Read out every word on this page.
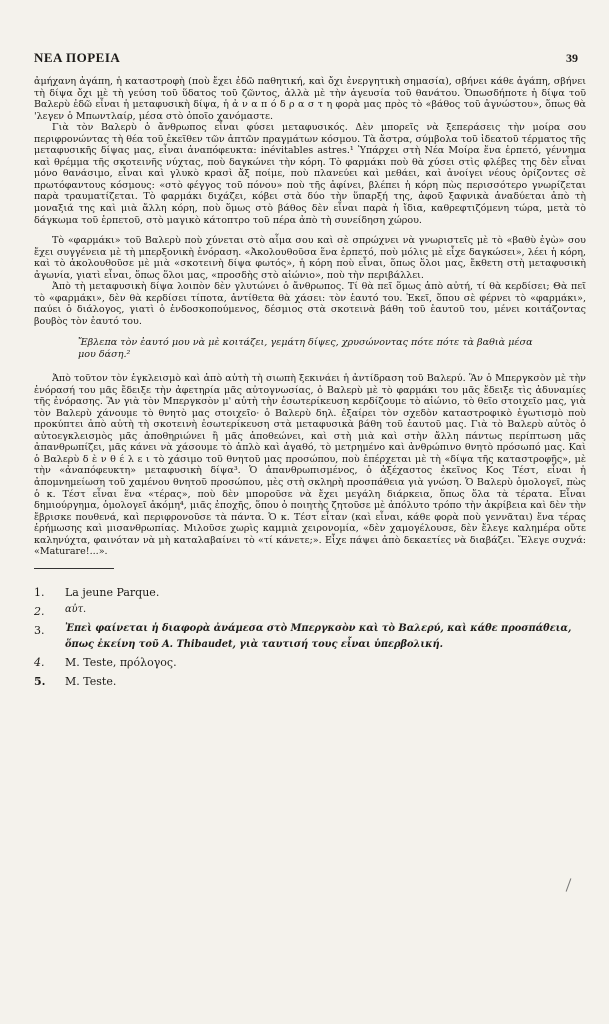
ΝΕΑ ΠΟΡΕΙΑ	39

ἀμήχανη ἀγάπη, ἡ καταστροφὴ (ποὺ ἔχει ἐδῶ παθητική, καὶ ὄχι ἐνεργητικὴ σημασία), σβήνει κάθε ἀγάπη, σβήνει τὴ δίψα ὄχι μὲ τὴ γεύση τοῦ ὕδατος τοῦ ζῶντος, ἀλλὰ μὲ τὴν ἀγευσία τοῦ θανάτου. Ὁπωσδήποτε ἡ δίψα τοῦ Βαλερὺ ἐδῶ εἶναι ἡ μεταφυσικὴ δίψα, ἡ ἀ ν α π ό δ ρ α σ τ η φορὰ μας πρὸς τὸ «βάθος τοῦ ἀγνώστου», ὅπως θὰ 'λεγεν ὁ Μπωντλαίρ, μέσα στὸ ὁποῖο χανόμαστε.

Γιὰ τὸν Βαλερὺ ὁ ἄνθρωπος εἶναι φύσει μεταφυσικός. Δὲν μπορεῖς νὰ ξεπεράσεις τὴν μοίρα σου περιφρονώντας τὴ θέα τοῦ ἐκεῖθεν τῶν ἀπτῶν πραγμάτων κόσμου. Τὰ ἄστρα, σύμβολα τοῦ ἰδεατοῦ τέρματος τῆς μεταφυσικῆς δίψας μας, εἶναι ἀναπόφευκτα: inévitables astres.¹ Ὑπάρχει στὴ Νέα Μοίρα ἕνα ἑρπετό, γέννημα καὶ θρέμμα τῆς σκοτεινῆς νύχτας, ποὺ δαγκώνει τὴν κόρη. Τὸ φαρμάκι ποὺ θὰ χύσει στὶς φλέβες της δὲν εἶναι μόνο θανάσιμο, εἶναι καὶ γλυκὸ κρασὶ ἄξ ποίμε, ποὺ πλανεύει καὶ μεθάει, καὶ ἀνοίγει νέους ὁρίζοντες σὲ πρωτόφαντους κόσμους: «στὸ φέγγος τοῦ πόνου» ποὺ τῆς ἀφίνει, βλέπει ἡ κόρη πὼς περισσότερο γνωρίζεται παρὰ τραυματίζεται. Τὸ φαρμάκι διχάζει, κόβει στὰ δύο τὴν ὕπαρξή της, ἀφοῦ ξαφνικὰ ἀναδύεται ἀπὸ τὴ μοναξιά της καὶ μιὰ ἄλλη κόρη, ποὺ ὅμως στὸ βάθος δὲν εἶναι παρὰ ἡ ἴδια, καθρεφτιζόμενη τώρα, μετὰ τὸ δάγκωμα τοῦ ἑρπετοῦ, στὸ μαγικὸ κάτοπτρο τοῦ πέρα ἀπὸ τὴ συνείδηση χώρου.

Τὸ «φαρμάκι» τοῦ Βαλερὺ ποὺ χύνεται στὸ αἷμα σου καὶ σὲ σπρώχνει νὰ γνωριστεῖς μὲ τὸ «βαθὺ ἐγὼ» σου ἔχει συγγένεια μὲ τὴ μπερξονικὴ ἐνόραση. «Ἀκολουθοῦσα ἕνα ἑρπετό, ποὺ μόλις μὲ εἶχε δαγκώσει», λέει ἡ κόρη, καὶ τὸ ἀκολουθοῦσε μὲ μιὰ «σκοτεινὴ δίψα φωτός», ἡ κόρη ποὺ εἶναι, ὅπως ὅλοι μας, ἔκθετη στὴ μεταφυσικὴ ἀγωνία, γιατὶ εἶναι, ὅπως ὅλοι μας, «προσδὴς στὸ αἰώνιο», ποὺ τὴν περιβάλλει.

Ἀπὸ τὴ μεταφυσικὴ δίψα λοιπὸν δὲν γλυτώνει ὁ ἄνθρωπος. Τί θὰ πεῖ ὅμως ἀπὸ αὐτή, τί θὰ κερδίσει; Θὰ πεῖ τὸ «φαρμάκι», δὲν θὰ κερδίσει τίποτα, ἀντίθετα θὰ χάσει: τὸν ἑαυτό του. Ἐκεῖ, ὅπου σὲ φέρνει τὸ «φαρμάκι», παύει ὁ διάλογος, γιατὶ ὁ ἐνδοσκοπούμενος, δέσμιος στὰ σκοτεινὰ βάθη τοῦ ἑαυτοῦ του, μένει κοιτάζοντας βουβὸς τὸν ἑαυτό του.

Ἔβλεπα τὸν ἑαυτό μου νὰ μὲ κοιτάζει, γεμάτη δίψες, χρυσώνοντας πότε πότε τὰ βαθιὰ μέσα μου δάση.²

Ἀπὸ τοῦτον τὸν ἐγκλεισμὸ καὶ ἀπὸ αὐτὴ τὴ σιωπὴ ξεκινάει ἡ ἀντίδραση τοῦ Βαλερύ. Ἂν ὁ Μπεργκσὸν μὲ τὴν ἐνόρασή του μᾶς ἔδειξε τὴν ἀφετηρία μᾶς αὐτογνωσίας, ὁ Βαλερὺ μὲ τὸ φαρμάκι του μᾶς ἔδειξε τὶς ἀδυναμίες τῆς ἐνόρασης. Ἂν γιὰ τὸν Μπεργκσὸν μ' αὐτὴ τὴν ἐσωτερίκευση κερδίζουμε τὸ αἰώνιο, τὸ θεῖο στοιχεῖο μας, γιὰ τὸν Βαλερὺ χάνουμε τὸ θνητὸ μας στοιχεῖο· ὁ Βαλερὺ δηλ. ἐξαίρει τὸν σχεδὸν καταστροφικὸ ἐγωτισμὸ ποὺ προκύπτει ἀπὸ αὐτὴ τὴ σκοτεινὴ ἐσωτερίκευση στὰ μεταφυσικὰ βάθη τοῦ ἑαυτοῦ μας. Γιὰ τὸ Βαλερὺ αὐτὸς ὁ αὐτοεγκλεισμὸς μᾶς ἀποθηριώνει ἢ μᾶς ἀποθεώνει, καὶ στὴ μιὰ καὶ στὴν ἄλλη πάντως περίπτωση μᾶς ἀπανθρωπίζει, μᾶς κάνει νὰ χάσουμε τὸ ἁπλὸ καὶ ἀγαθό, τὸ μετρημένο καὶ ἀνθρώπινο θνητὸ πρόσωπό μας. Καὶ ὁ Βαλερὺ δ ὲ ν θ έ λ ε ι τὸ χάσιμο τοῦ θνητοῦ μας προσώπου, ποὺ ἐπέρχεται μὲ τὴ «δίψα τῆς καταστροφῆς», μὲ τὴν «ἀναπόφευκτη» μεταφυσικὴ δίψα³. Ὁ ἀπανθρωπισμένος, ὁ ἀξέχαστος ἐκεῖνος Κος Τέστ, εἶναι ἡ ἀπομνημείωση τοῦ χαμένου θνητοῦ προσώπου, μὲς στὴ σκληρὴ προσπάθεια γιὰ γνώση. Ὁ Βαλερὺ ὁμολογεῖ, πὼς ὁ κ. Τέστ εἶναι ἕνα «τέρας», ποὺ δὲν μποροῦσε νὰ ἔχει μεγάλη διάρκεια, ὅπως ὅλα τὰ τέρατα. Εἶναι δημιούργημα, ὁμολογεῖ ἀκόμη⁴, μιᾶς ἐποχῆς, ὅπου ὁ ποιητὴς ζητοῦσε μὲ ἀπόλυτο τρόπο τὴν ἀκρίβεια καὶ δὲν τὴν ἔβρισκε πουθενά, καὶ περιφρονοῦσε τὰ πάντα. Ὁ κ. Τέστ εἶταν (καὶ εἶναι, κάθε φορὰ ποὺ γεννᾶται) ἕνα τέρας ἐρήμωσης καὶ μισανθρωπίας. Μιλοῦσε χωρὶς καμμιὰ χειρονομία, «δὲν χαμογέλουσε, δὲν ἔλεγε καλημέρα οὔτε καληνύχτα, φαινόταν νὰ μὴ καταλαβαίνει τὸ «τί κάνετε;». Εἶχε πάψει ἀπὸ δεκαετίες νὰ διαβάζει. Ἔλεγε συχνά: «Maturare!...».

1.	La jeune Parque.
2.	αὐτ.
3.	Ἐπεὶ φαίνεται ἡ διαφορὰ ἀνάμεσα στὸ Μπεργκσὸν καὶ τὸ Βαλερύ, καὶ κάθε προσπάθεια, ὅπως ἐκείνη τοῦ A. Thibaudet, γιὰ ταυτισή τους εἶναι ὑπερβολική.
4.	M. Teste, πρόλογος.
5.	M. Teste.
